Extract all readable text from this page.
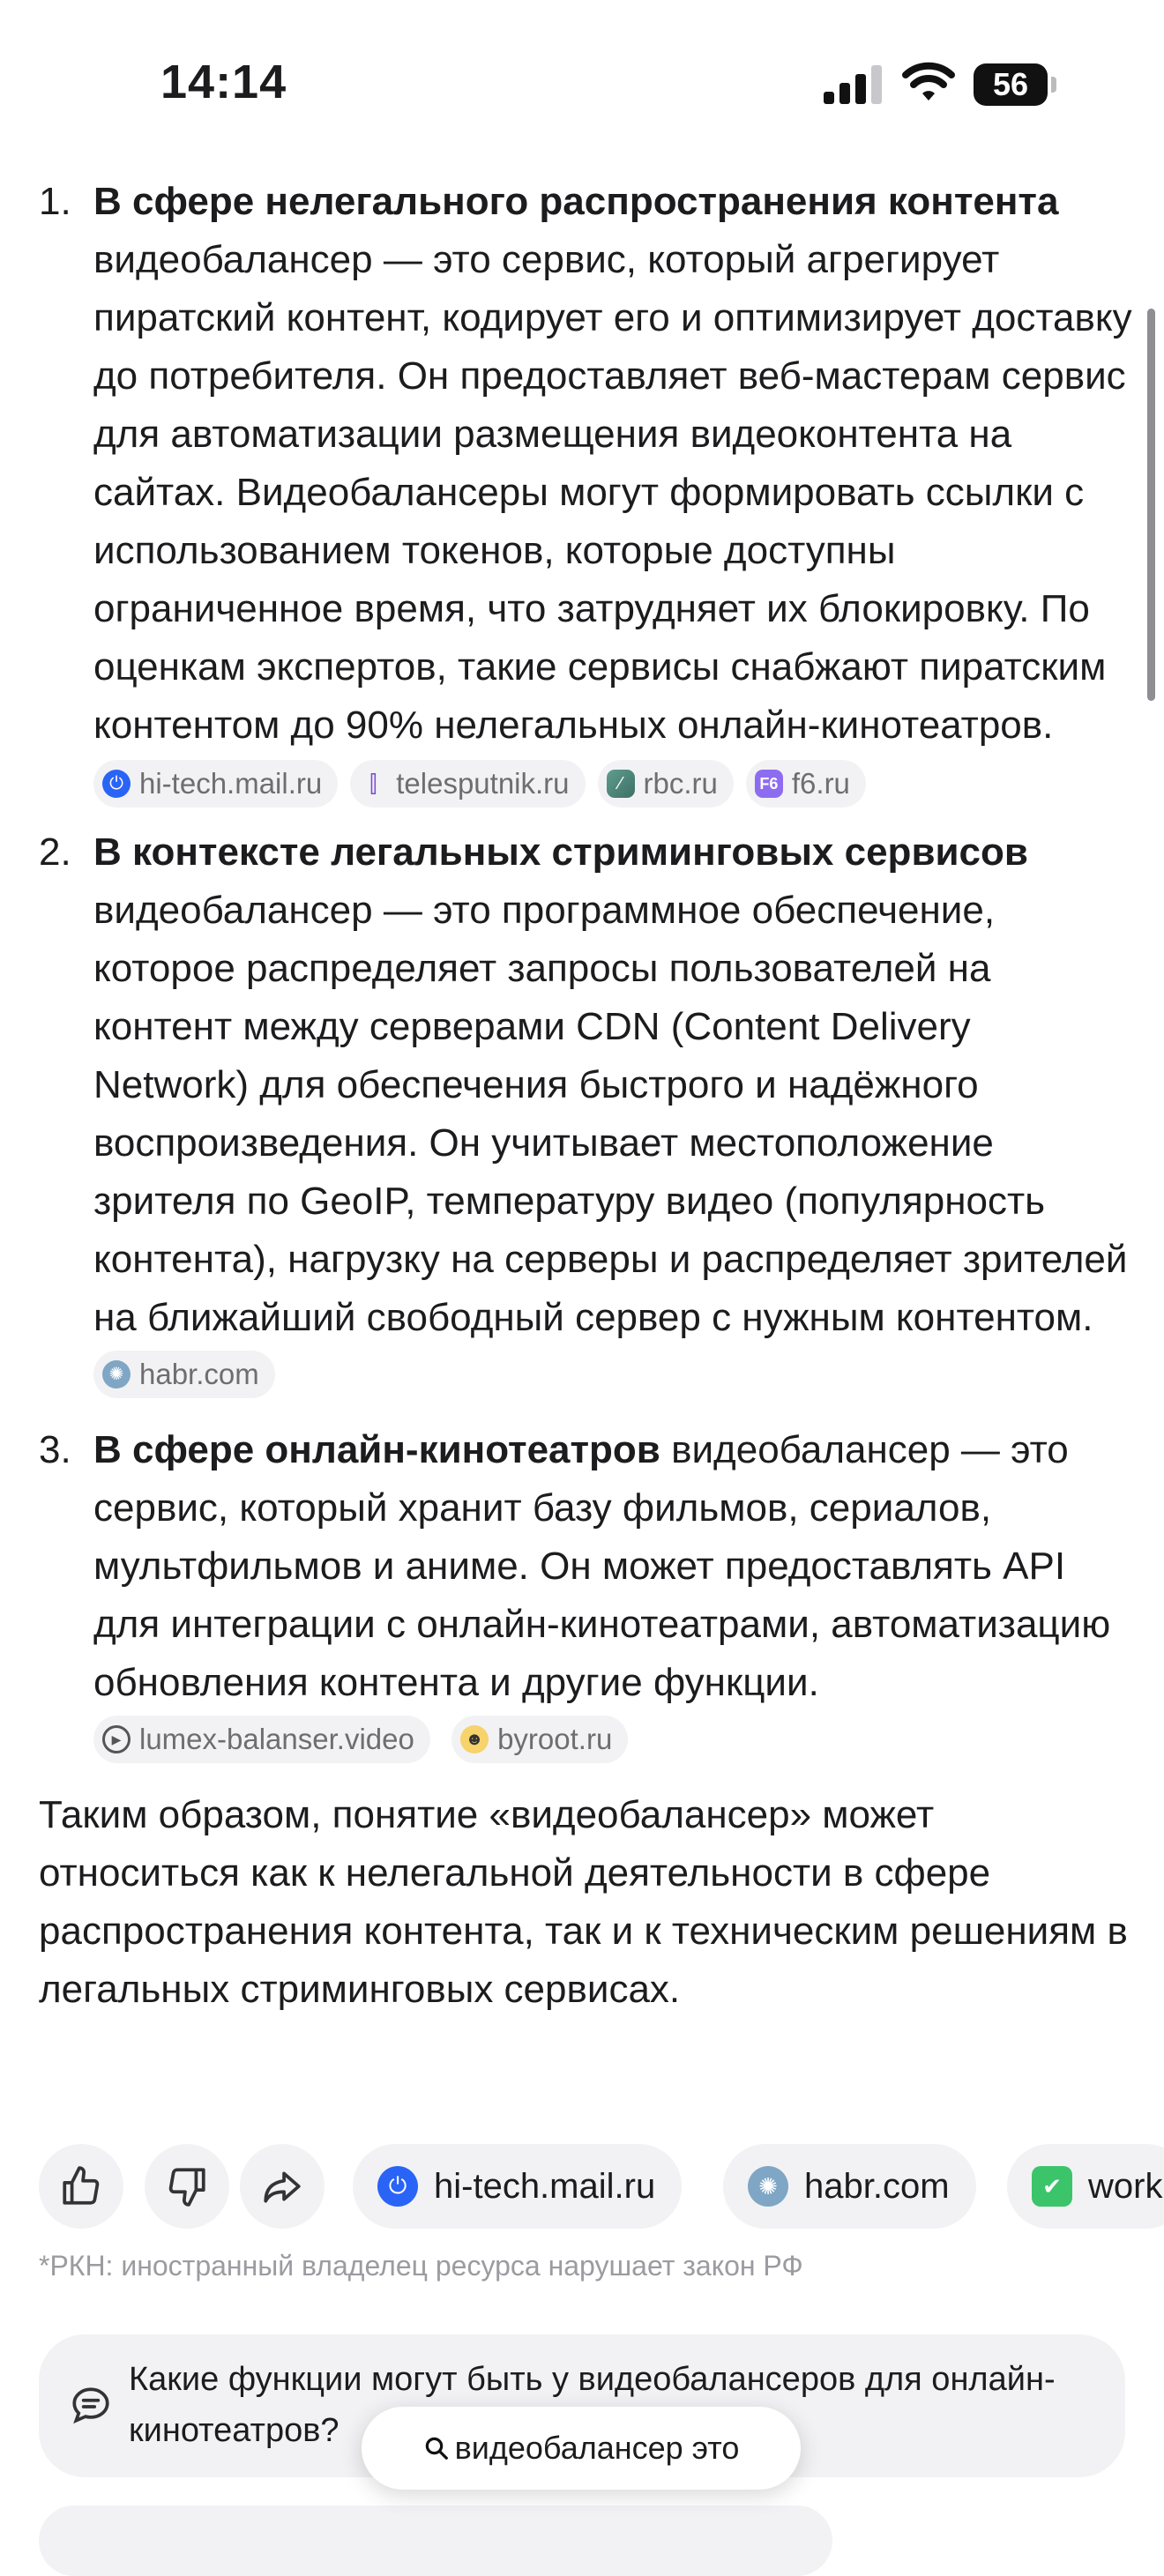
14:14	56
1. В сфере нелегального распространения контента видеобалансер — это сервис, который агрегирует пиратский контент, кодирует его и оптимизирует доставку до потребителя. Он предоставляет веб-мастерам сервис для автоматизации размещения видеоконтента на сайтах. Видеобалансеры могут формировать ссылки с использованием токенов, которые доступны ограниченное время, что затрудняет их блокировку. По оценкам экспертов, такие сервисы снабжают пиратским контентом до 90% нелегальных онлайн-кинотеатров.
⏻ hi-tech.mail.ru	⫿ telesputnik.ru	⁄ rbc.ru	F6 f6.ru
2. В контексте легальных стриминговых сервисов видеобалансер — это программное обеспечение, которое распределяет запросы пользователей на контент между серверами CDN (Content Delivery Network) для обеспечения быстрого и надёжного воспроизведения. Он учитывает местоположение зрителя по GeoIP, температуру видео (популярность контента), нагрузку на серверы и распределяет зрителей на ближайший свободный сервер с нужным контентом.
✺ habr.com
3. В сфере онлайн-кинотеатров видеобалансер — это сервис, который хранит базу фильмов, сериалов, мультфильмов и аниме. Он может предоставлять API для интеграции с онлайн-кинотеатрами, автоматизацию обновления контента и другие функции.
▶ lumex-balanser.video
	☻ byroot.ru
Таким образом, понятие «видеобалансер» может относиться как к нелегальной деятельности в сфере распространения контента, так и к техническим решениям в легальных стриминговых сервисах.
⏻ hi-tech.mail.ru	✺ habr.com	✔ work
*РКН: иностранный владелец ресурса нарушает закон РФ
Какие функции могут быть у видеобалансеров для онлайн-кинотеатров?	видеобалансер это
